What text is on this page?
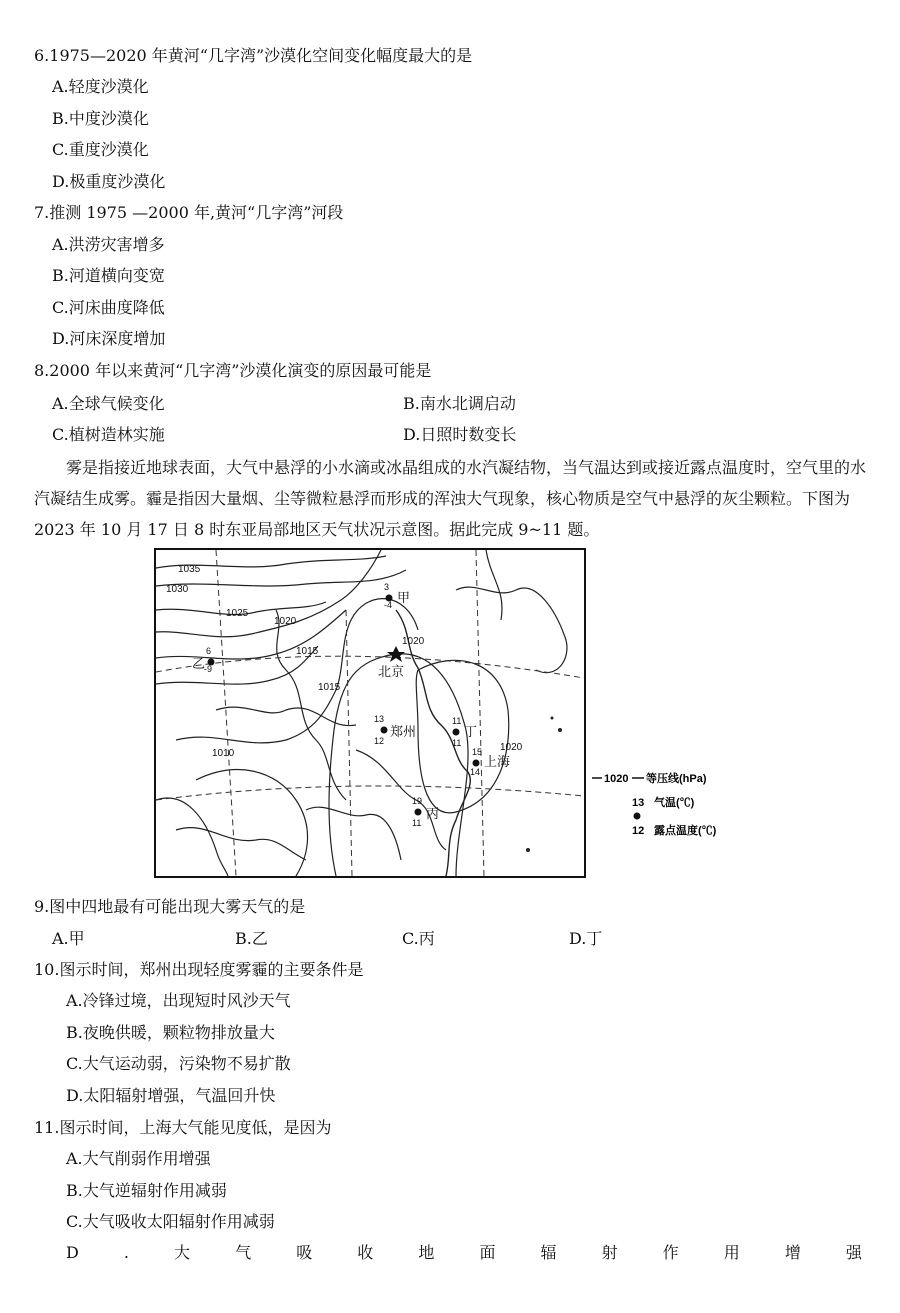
6.1975—2020 年黄河“几字湾”沙漠化空间变化幅度最大的是
A.轻度沙漠化
B.中度沙漠化
C.重度沙漠化
D.极重度沙漠化
7.推测 1975 —2000 年,黄河“几字湾”河段
A.洪涝灾害增多
B.河道横向变宽
C.河床曲度降低
D.河床深度增加
8.2000 年以来黄河“几字湾”沙漠化演变的原因最可能是
A.全球气候变化	B.南水北调启动
C.植树造林实施	D.日照时数变长
雾是指接近地球表面，大气中悬浮的小水滴或冰晶组成的水汽凝结物，当气温达到或接近露点温度时，空气里的水汽凝结生成雾。霾是指因大量烟、尘等微粒悬浮而形成的浑浊大气现象，核心物质是空气中悬浮的灰尘颗粒。下图为 2023 年 10 月 17 日 8 时东亚局部地区天气状况示意图。据此完成 9~11 题。
1035
1030
1025
1020
1015
1015
1020
1010
1020
3
-4 甲
6
-9
乙
北京
13
12
郑州
11
11
丁
15
14
上海
19
11
丙
1020 等压线(hPa)
13 气温(℃)
12 露点温度(℃)
9.图中四地最有可能出现大雾天气的是
A.甲	B.乙	C.丙	D.丁
10.图示时间，郑州出现轻度雾霾的主要条件是
A.冷锋过境，出现短时风沙天气
B.夜晚供暖，颗粒物排放量大
C.大气运动弱，污染物不易扩散
D.太阳辐射增强，气温回升快
11.图示时间，上海大气能见度低，是因为
A.大气削弱作用增强
B.大气逆辐射作用减弱
C.大气吸收太阳辐射作用减弱
D	.	大	气	吸	收	地	面	辐	射	作	用	增	强
